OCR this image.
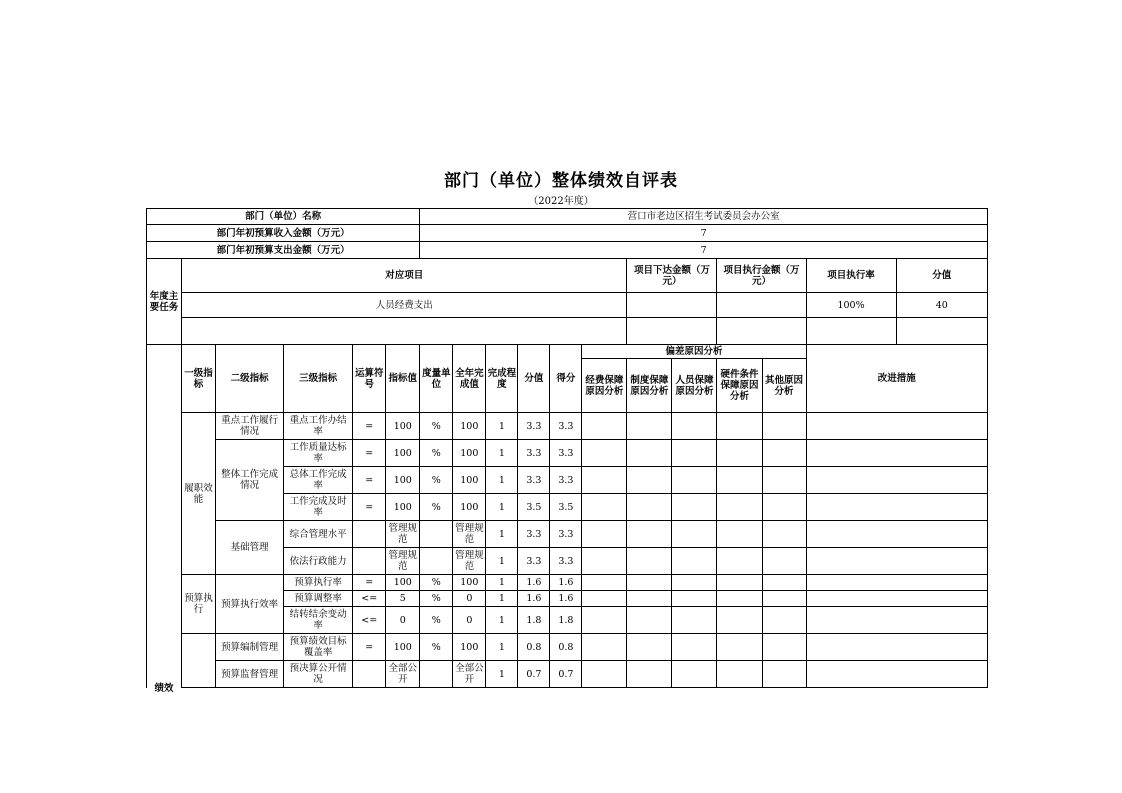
部门（单位）整体绩效自评表
（2022年度）
部门（单位）名称						营口市老边区招生考试委员会办公室										
部门年初预算收入金额（万元）						7										
部门年初预算支出金额（万元）						7										
年度主要任务	对应项目											项目下达金额（万元）		项目执行金额（万元）		项目执行率 分值

	人员经费支出															100% 40

绩效	一级指标	二级指标	三级指标	运算符号	指标值	度量单位	全年完成值	完成程度	分值	得分	偏差原因分析					改进措施
											经费保障原因分析	制度保障原因分析	人员保障原因分析	硬件条件保障原因分析	其他原因分析	
	履职效能	重点工作履行情况	重点工作办结率	=	100	%	100	1	3.3	3.3						
		整体工作完成情况	工作质量达标率	=	100	%	100	1	3.3	3.3						
			总体工作完成率	=	100	%	100	1	3.3	3.3						
			工作完成及时率	=	100	%	100	1	3.5	3.5						
		基础管理	综合管理水平		管理规范		管理规范	1	3.3	3.3						
			依法行政能力		管理规范		管理规范	1	3.3	3.3						
	预算执行	预算执行效率	预算执行率	=	100	%	100	1	1.6	1.6						
			预算调整率	<=	5	%	0	1	1.6	1.6						
			结转结余变动率	<=	0	%	0	1	1.8	1.8						
		预算编制管理	预算绩效目标覆盖率	=	100	%	100	1	0.8	0.8						
		预算监督管理	预决算公开情况		全部公开		全部公开	1	0.7	0.7						
